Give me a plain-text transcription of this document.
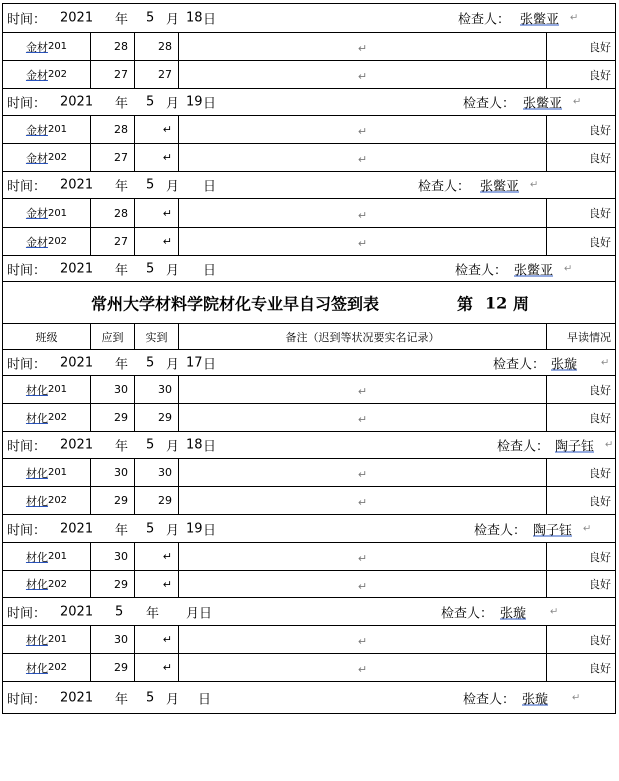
时间： 2021 年 5 月 18 日	检查人： 张鳖亚 ↵
金材 201	28	28	↵	良好
金材 202	27	27	↵	良好
时间： 2021 年 5 月 19 日	检查人： 张鳖亚 ↵
金材 201	28	↵	↵	良好
金材 202	27	↵	↵	良好
时间： 2021 年 5 月 日	检查人： 张鳖亚 ↵
金材 201	28	↵	↵	良好
金材 202	27	↵	↵	良好
时间： 2021 年 5 月 日	检查人： 张鳖亚 ↵
常州大学材料学院材化专业早自习签到表	第 12 周
班级	应到	实到	备注（迟到等状况要实名记录）	早读情况
时间： 2021 年 5 月 17 日	检查人： 张璇 ↵
材化 201	30	30	↵	良好
材化 202	29	29	↵	良好
时间： 2021 年 5 月 18 日	检查人： 陶子钰 ↵
材化 201	30	30	↵	良好
材化 202	29	29	↵	良好
时间： 2021 年 5 月 19 日	检查人： 陶子钰 ↵
材化 201	30	↵	↵	良好
材化 202	29	↵	↵	良好
时间： 2021 5 年 月日	检查人： 张璇 ↵
材化 201	30	↵	↵	良好
材化 202	29	↵	↵	良好
时间： 2021 年 5 月 日	检查人： 张璇 ↵
